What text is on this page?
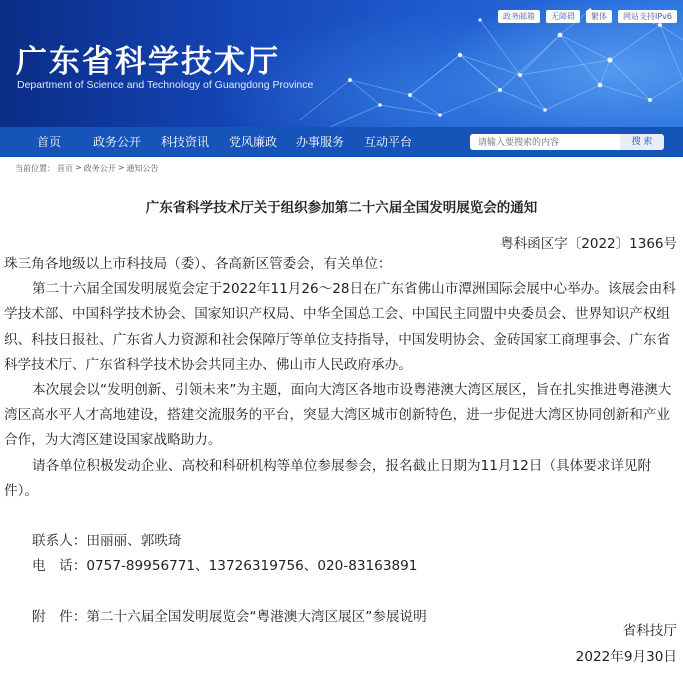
广东省科学技术厅
Department of Science and Technology of Guangdong Province
政务邮箱	无障碍	繁体	网站支持IPv6
首页	政务公开 科技资讯 党风廉政 办事服务 互动平台
请输入要搜索的内容	搜 索
当前位置： 首页 > 政务公开 > 通知公告
广东省科学技术厅关于组织参加第二十六届全国发明展览会的通知
粤科函区字〔2022〕1366号

珠三角各地级以上市科技局（委）、各高新区管委会，有关单位：

第二十六届全国发明展览会定于2022年11月26～28日在广东省佛山市潭洲国际会展中心举办。该展会由科学技术部、中国科学技术协会、国家知识产权局、中华全国总工会、中国民主同盟中央委员会、世界知识产权组织、科技日报社、广东省人力资源和社会保障厅等单位支持指导，中国发明协会、金砖国家工商理事会、广东省科学技术厅、广东省科学技术协会共同主办、佛山市人民政府承办。

本次展会以“发明创新、引领未来”为主题，面向大湾区各地市设粤港澳大湾区展区，旨在扎实推进粤港澳大湾区高水平人才高地建设，搭建交流服务的平台，突显大湾区城市创新特色，进一步促进大湾区协同创新和产业合作，为大湾区建设国家战略助力。

请各单位积极发动企业、高校和科研机构等单位参展参会，报名截止日期为11月12日（具体要求详见附件）。

联系人：田丽丽、郭昳琦

电　话：0757-89956771、13726319756、020-83163891

附　件：第二十六届全国发明展览会“粤港澳大湾区展区”参展说明

省科技厅
2022年9月30日
